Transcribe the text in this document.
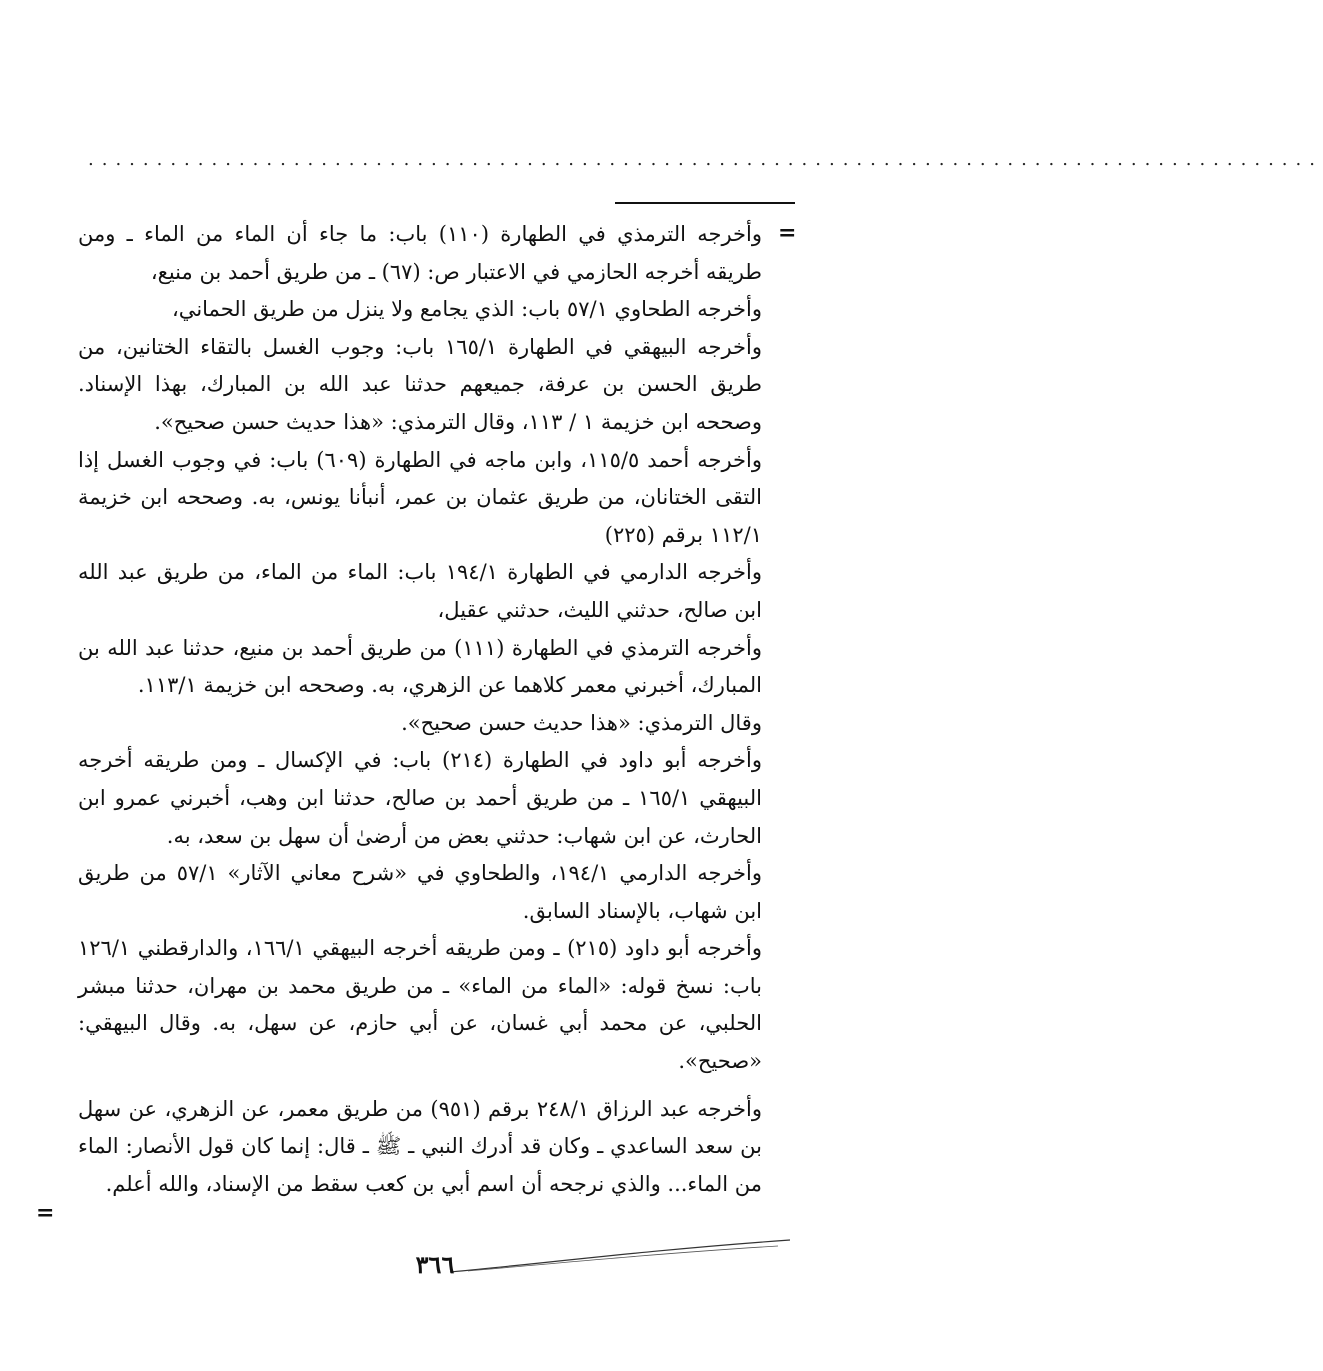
..........................................................................................
=

وأخرجه الترمذي في الطهارة (١١٠) باب: ما جاء أن الماء من الماء ـ ومن طريقه أخرجه الحازمي في الاعتبار ص: (٦٧) ـ من طريق أحمد بن منيع،

وأخرجه الطحاوي ٥٧/١ باب: الذي يجامع ولا ينزل من طريق الحماني،

وأخرجه البيهقي في الطهارة ١٦٥/١ باب: وجوب الغسل بالتقاء الختانين، من طريق الحسن بن عرفة، جميعهم حدثنا عبد الله بن المبارك، بهذا الإسناد. وصححه ابن خزيمة ١ / ١١٣، وقال الترمذي: «هذا حديث حسن صحيح».

وأخرجه أحمد ١١٥/٥، وابن ماجه في الطهارة (٦٠٩) باب: في وجوب الغسل إذا التقى الختانان، من طريق عثمان بن عمر، أنبأنا يونس، به. وصححه ابن خزيمة ١١٢/١ برقم (٢٢٥)

وأخرجه الدارمي في الطهارة ١٩٤/١ باب: الماء من الماء، من طريق عبد الله ابن صالح، حدثني الليث، حدثني عقيل،

وأخرجه الترمذي في الطهارة (١١١) من طريق أحمد بن منيع، حدثنا عبد الله بن المبارك، أخبرني معمر كلاهما عن الزهري، به. وصححه ابن خزيمة ١١٣/١.

وقال الترمذي: «هذا حديث حسن صحيح».

وأخرجه أبو داود في الطهارة (٢١٤) باب: في الإكسال ـ ومن طريقه أخرجه البيهقي ١٦٥/١ ـ من طريق أحمد بن صالح، حدثنا ابن وهب، أخبرني عمرو ابن الحارث، عن ابن شهاب: حدثني بعض من أرضىٰ أن سهل بن سعد، به.

وأخرجه الدارمي ١٩٤/١، والطحاوي في «شرح معاني الآثار» ٥٧/١ من طريق ابن شهاب، بالإسناد السابق.

وأخرجه أبو داود (٢١٥) ـ ومن طريقه أخرجه البيهقي ١٦٦/١، والدارقطني ١٢٦/١ باب: نسخ قوله: «الماء من الماء» ـ من طريق محمد بن مهران، حدثنا مبشر الحلبي، عن محمد أبي غسان، عن أبي حازم، عن سهل، به. وقال البيهقي: «صحيح».

وأخرجه عبد الرزاق ٢٤٨/١ برقم (٩٥١) من طريق معمر، عن الزهري، عن سهل بن سعد الساعدي ـ وكان قد أدرك النبي ـ ﷺ ـ قال: إنما كان قول الأنصار: الماء من الماء... والذي نرجحه أن اسم أبي بن كعب سقط من الإسناد، والله أعلم.

=
٣٦٦
